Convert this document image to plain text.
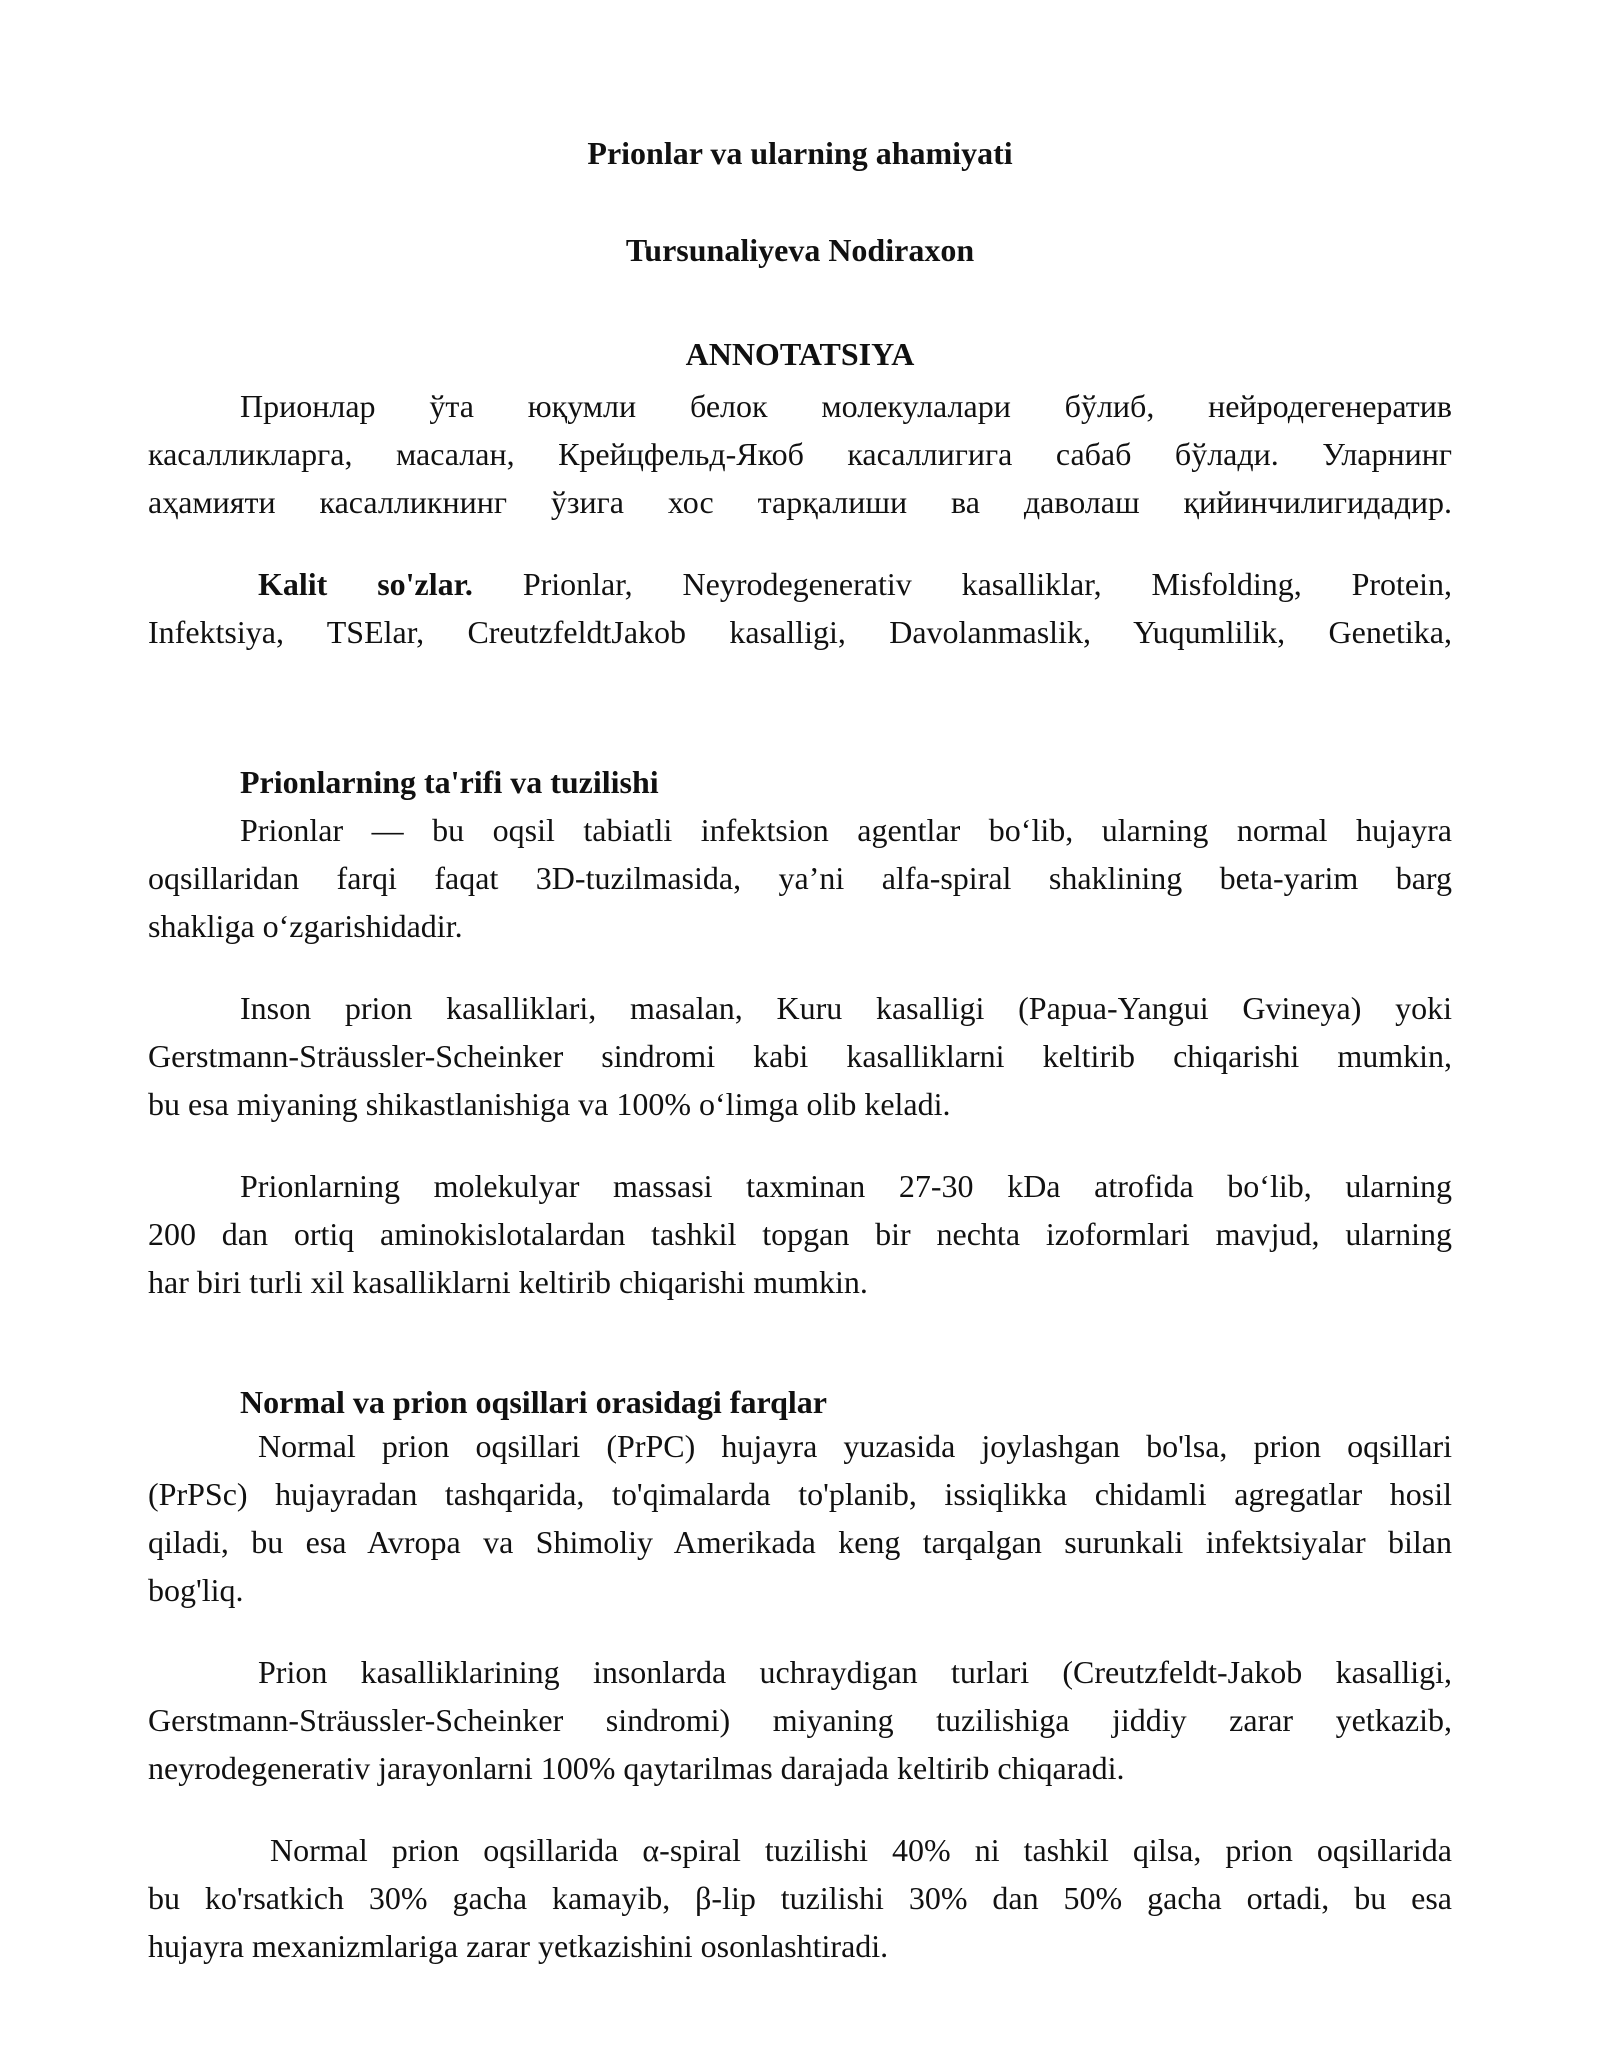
Prionlar va ularning ahamiyati
Tursunaliyeva Nodiraxon
ANNOTATSIYA
Прионлар ўта юқумли белок молекулалари бўлиб, нейродегенератив
касалликларга, масалан, Крейцфельд-Якоб касаллигига сабаб бўлади. Уларнинг
аҳамияти касалликнинг ўзига хос тарқалиши ва даволаш қийинчилигидадир.
Kalit so'zlar. Prionlar, Neyrodegenerativ kasalliklar, Misfolding, Protein,
Infektsiya, TSElar, CreutzfeldtJakob kasalligi, Davolanmaslik, Yuqumlilik, Genetika,
Prionlarning ta'rifi va tuzilishi
Prionlar — bu oqsil tabiatli infektsion agentlar bo‘lib, ularning normal hujayra
oqsillaridan farqi faqat 3D-tuzilmasida, ya’ni alfa-spiral shaklining beta-yarim barg
shakliga o‘zgarishidadir.
Inson prion kasalliklari, masalan, Kuru kasalligi (Papua-Yangui Gvineya) yoki
Gerstmann-Sträussler-Scheinker sindromi kabi kasalliklarni keltirib chiqarishi mumkin,
bu esa miyaning shikastlanishiga va 100% o‘limga olib keladi.
Prionlarning molekulyar massasi taxminan 27-30 kDa atrofida bo‘lib, ularning
200 dan ortiq aminokislotalardan tashkil topgan bir nechta izoformlari mavjud, ularning
har biri turli xil kasalliklarni keltirib chiqarishi mumkin.
Normal va prion oqsillari orasidagi farqlar
Normal prion oqsillari (PrPC) hujayra yuzasida joylashgan bo'lsa, prion oqsillari
(PrPSc) hujayradan tashqarida, to'qimalarda to'planib, issiqlikka chidamli agregatlar hosil
qiladi, bu esa Avropa va Shimoliy Amerikada keng tarqalgan surunkali infektsiyalar bilan
bog'liq.
Prion kasalliklarining insonlarda uchraydigan turlari (Creutzfeldt-Jakob kasalligi,
Gerstmann-Sträussler-Scheinker sindromi) miyaning tuzilishiga jiddiy zarar yetkazib,
neyrodegenerativ jarayonlarni 100% qaytarilmas darajada keltirib chiqaradi.
Normal prion oqsillarida α-spiral tuzilishi 40% ni tashkil qilsa, prion oqsillarida
bu ko'rsatkich 30% gacha kamayib, β-lip tuzilishi 30% dan 50% gacha ortadi, bu esa
hujayra mexanizmlariga zarar yetkazishini osonlashtiradi.
